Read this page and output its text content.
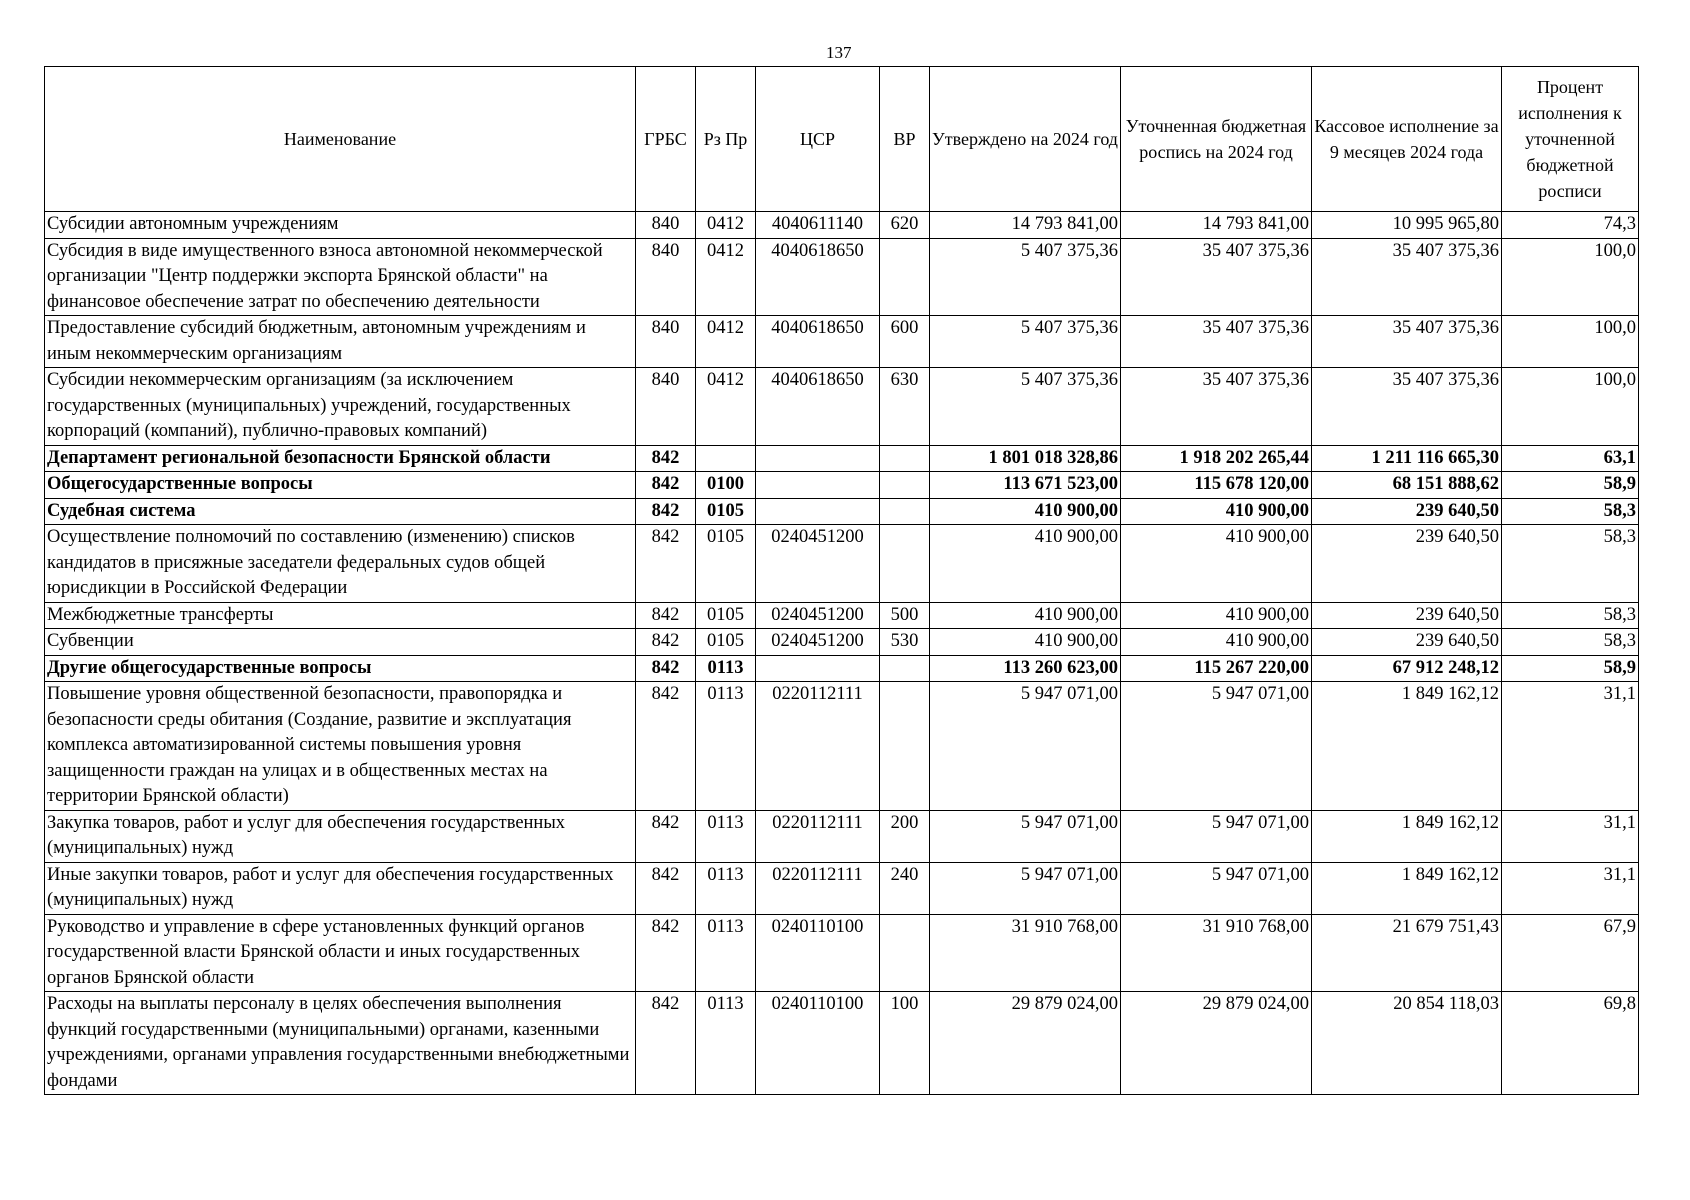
137
Наименование	ГРБС	Рз Пр	ЦСР	ВР	Утверждено на 2024 год	Уточненная бюджетная роспись на 2024 год	Кассовое исполнение за 9 месяцев 2024 года	Процент исполнения к уточненной бюджетной росписи
Субсидии автономным учреждениям	840	0412	4040611140	620	14 793 841,00	14 793 841,00	10 995 965,80	74,3
Субсидия в виде имущественного взноса автономной некоммерческой организации "Центр поддержки экспорта Брянской области" на финансовое обеспечение затрат по обеспечению деятельности	840	0412	4040618650		5 407 375,36	35 407 375,36	35 407 375,36	100,0
Предоставление субсидий бюджетным, автономным учреждениям и иным некоммерческим организациям	840	0412	4040618650	600	5 407 375,36	35 407 375,36	35 407 375,36	100,0
Субсидии некоммерческим организациям (за исключением государственных (муниципальных) учреждений, государственных корпораций (компаний), публично-правовых компаний)	840	0412	4040618650	630	5 407 375,36	35 407 375,36	35 407 375,36	100,0
Департамент региональной безопасности Брянской области	842				1 801 018 328,86	1 918 202 265,44	1 211 116 665,30	63,1
Общегосударственные вопросы	842	0100			113 671 523,00	115 678 120,00	68 151 888,62	58,9
Судебная система	842	0105			410 900,00	410 900,00	239 640,50	58,3
Осуществление полномочий по составлению (изменению) списков кандидатов в присяжные заседатели федеральных судов общей юрисдикции в Российской Федерации	842	0105	0240451200		410 900,00	410 900,00	239 640,50	58,3
Межбюджетные трансферты	842	0105	0240451200	500	410 900,00	410 900,00	239 640,50	58,3
Субвенции	842	0105	0240451200	530	410 900,00	410 900,00	239 640,50	58,3
Другие общегосударственные вопросы	842	0113			113 260 623,00	115 267 220,00	67 912 248,12	58,9
Повышение уровня общественной безопасности, правопорядка и безопасности среды обитания (Создание, развитие и эксплуатация комплекса автоматизированной системы повышения уровня защищенности граждан на улицах и в общественных местах на территории Брянской области)	842	0113	0220112111		5 947 071,00	5 947 071,00	1 849 162,12	31,1
Закупка товаров, работ и услуг для обеспечения государственных (муниципальных) нужд	842	0113	0220112111	200	5 947 071,00	5 947 071,00	1 849 162,12	31,1
Иные закупки товаров, работ и услуг для обеспечения государственных (муниципальных) нужд	842	0113	0220112111	240	5 947 071,00	5 947 071,00	1 849 162,12	31,1
Руководство и управление в сфере установленных функций органов государственной власти Брянской области и иных государственных органов Брянской области	842	0113	0240110100		31 910 768,00	31 910 768,00	21 679 751,43	67,9
Расходы на выплаты персоналу в целях обеспечения выполнения функций государственными (муниципальными) органами, казенными учреждениями, органами управления государственными внебюджетными фондами	842	0113	0240110100	100	29 879 024,00	29 879 024,00	20 854 118,03	69,8
